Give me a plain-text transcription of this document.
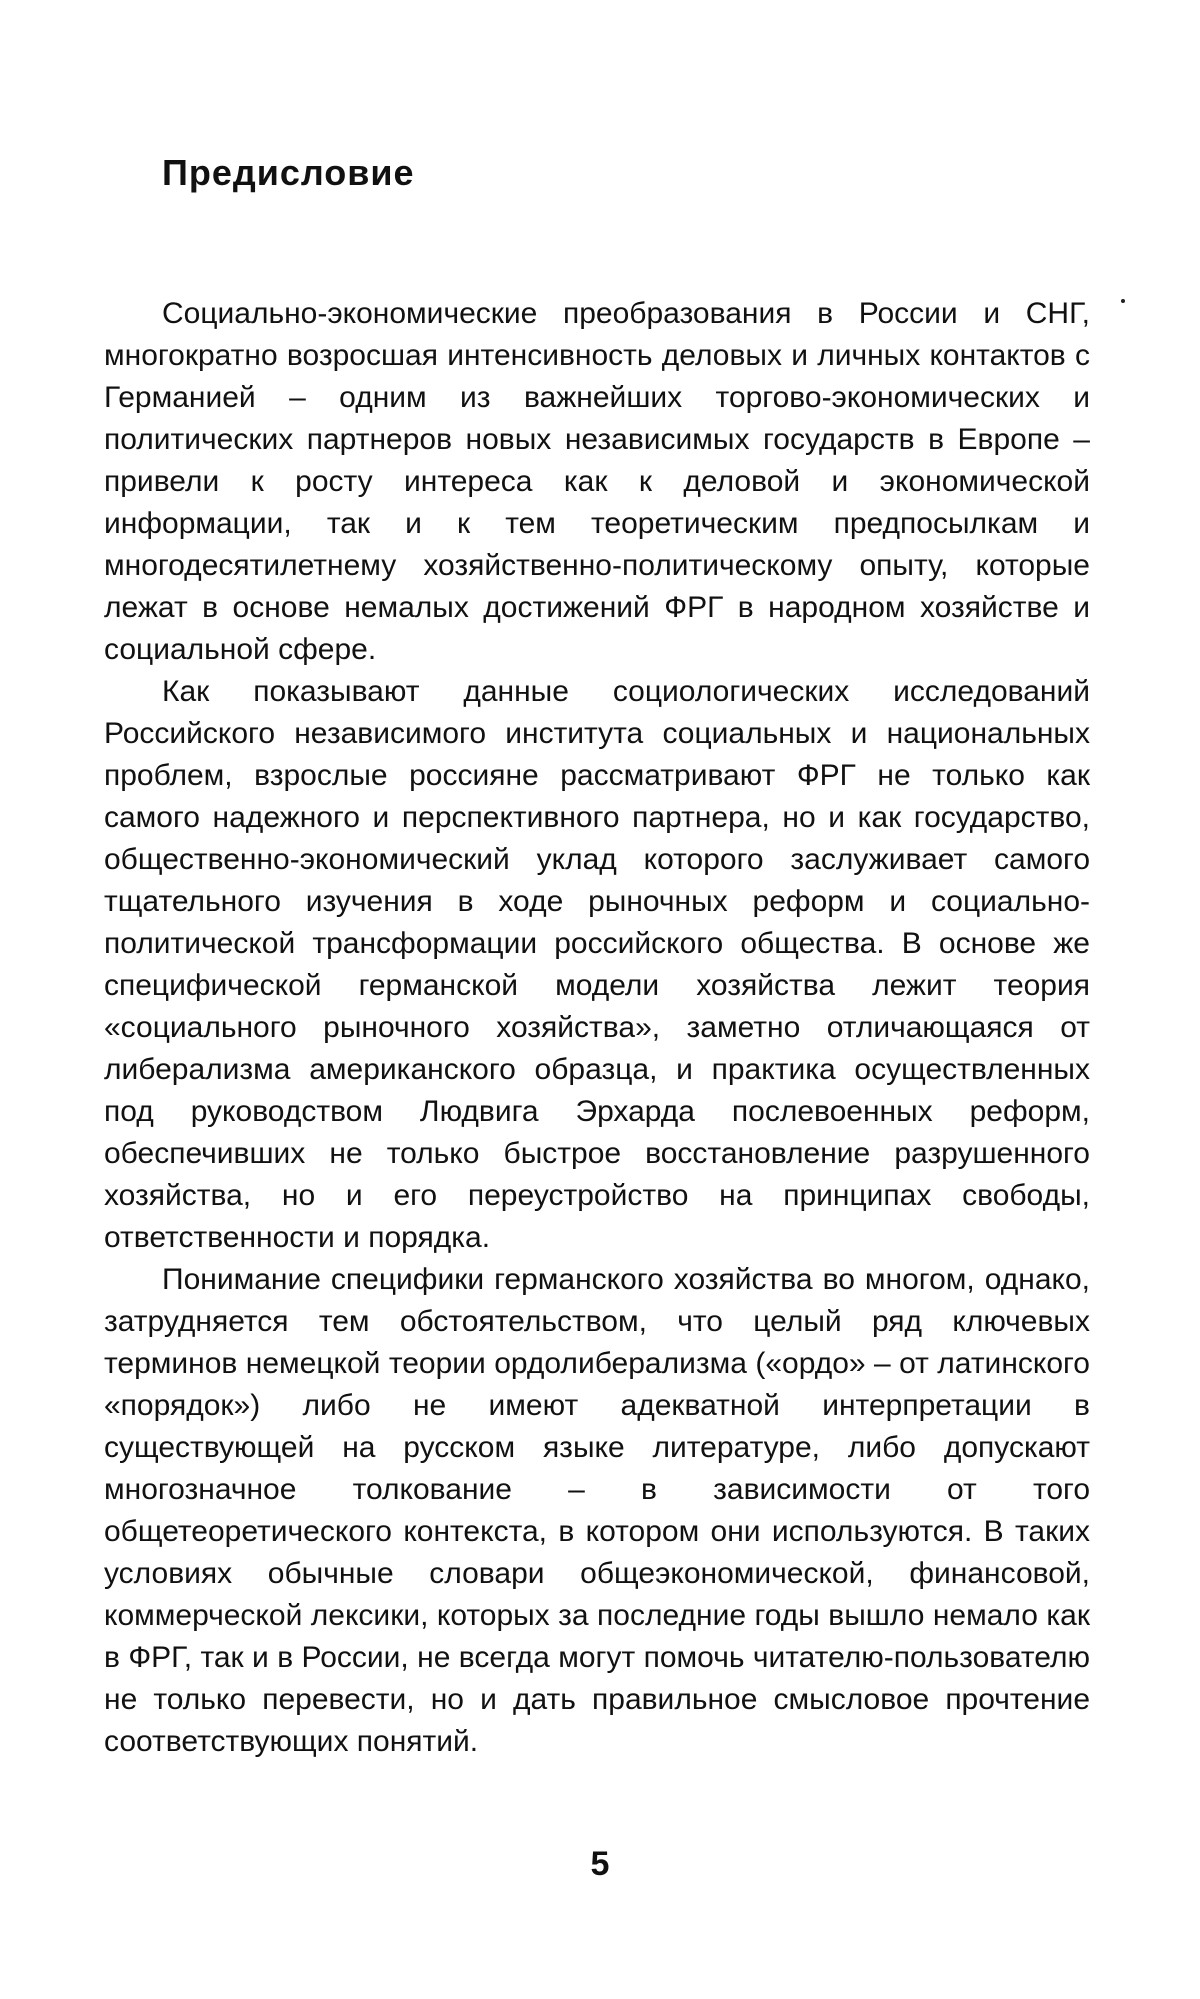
Предисловие

Социально-экономические преобразования в России и СНГ, многократно возросшая интенсивность деловых и личных контактов с Германией – одним из важнейших торгово-экономических и политических партнеров новых независимых государств в Европе – привели к росту интереса как к деловой и экономической информации, так и к тем теоретическим предпосылкам и многодесятилетнему хозяйственно-политическому опыту, которые лежат в основе немалых достижений ФРГ в народном хозяйстве и социальной сфере.

Как показывают данные социологических исследований Российского независимого института социальных и национальных проблем, взрослые россияне рассматривают ФРГ не только как самого надежного и перспективного партнера, но и как государство, общественно-экономический уклад которого заслуживает самого тщательного изучения в ходе рыночных реформ и социально-политической трансформации российского общества. В основе же специфической германской модели хозяйства лежит теория «социального рыночного хозяйства», заметно отличающаяся от либерализма американского образца, и практика осуществленных под руководством Людвига Эрхарда послевоенных реформ, обеспечивших не только быстрое восстановление разрушенного хозяйства, но и его переустройство на принципах свободы, ответственности и порядка.

Понимание специфики германского хозяйства во многом, однако, затрудняется тем обстоятельством, что целый ряд ключевых терминов немецкой теории ордолиберализма («ордо» – от латинского «порядок») либо не имеют адекватной интерпретации в существующей на русском языке литературе, либо допускают многозначное толкование – в зависимости от того общетеоретического контекста, в котором они используются. В таких условиях обычные словари общеэкономической, финансовой, коммерческой лексики, которых за последние годы вышло немало как в ФРГ, так и в России, не всегда могут помочь читателю-пользователю не только перевести, но и дать правильное смысловое прочтение соответствующих понятий.

5
